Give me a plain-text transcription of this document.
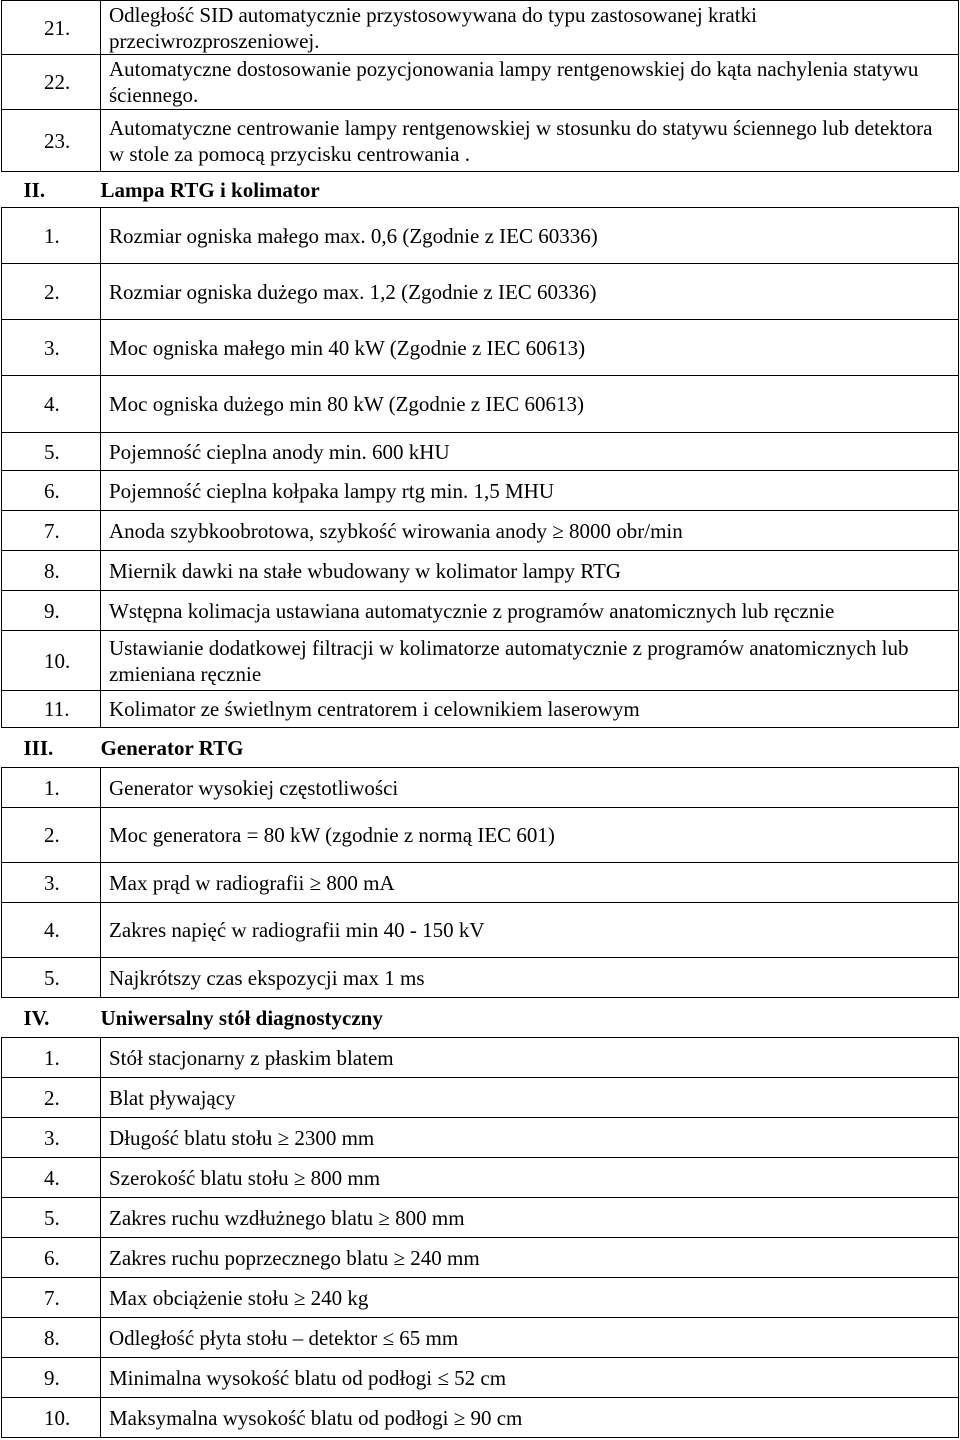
21.	Odległość SID automatycznie przystosowywana do typu zastosowanej kratki przeciwrozproszeniowej.

22.	Automatyczne dostosowanie pozycjonowania lampy rentgenowskiej do kąta nachylenia statywu ściennego.

23.	Automatyczne centrowanie lampy rentgenowskiej w stosunku do statywu ściennego lub detektora w stole za pomocą przycisku centrowania .

II.	Lampa RTG i kolimator

1.	Rozmiar ogniska małego max. 0,6 (Zgodnie z IEC 60336)

2.	Rozmiar ogniska dużego max. 1,2 (Zgodnie z IEC 60336)

3.	Moc ogniska małego min 40 kW (Zgodnie z IEC 60613)

4.	Moc ogniska dużego min 80 kW (Zgodnie z IEC 60613)

5.	Pojemność cieplna anody min. 600 kHU

6.	Pojemność cieplna kołpaka lampy rtg min. 1,5 MHU

7.	Anoda szybkoobrotowa, szybkość wirowania anody ≥ 8000 obr/min

8.	Miernik dawki na stałe wbudowany w kolimator lampy RTG

9.	Wstępna kolimacja ustawiana automatycznie z programów anatomicznych lub ręcznie

10.	Ustawianie dodatkowej filtracji w kolimatorze automatycznie z programów anatomicznych lub zmieniana ręcznie

11.	Kolimator ze świetlnym centratorem i celownikiem laserowym

III.	Generator RTG

1.	Generator wysokiej częstotliwości

2.	Moc generatora = 80 kW (zgodnie z normą IEC 601)

3.	Max prąd w radiografii ≥ 800 mA

4.	Zakres napięć w radiografii min 40 - 150 kV

5.	Najkrótszy czas ekspozycji max 1 ms

IV.	Uniwersalny stół diagnostyczny

1.	Stół stacjonarny z płaskim blatem

2.	Blat pływający

3.	Długość blatu stołu ≥ 2300 mm

4.	Szerokość blatu stołu ≥ 800 mm

5.	Zakres ruchu wzdłużnego blatu ≥ 800 mm

6.	Zakres ruchu poprzecznego blatu ≥ 240 mm

7.	Max obciążenie stołu ≥ 240 kg

8.	Odległość płyta stołu – detektor ≤ 65 mm

9.	Minimalna wysokość blatu od podłogi ≤ 52 cm

10.	Maksymalna wysokość blatu od podłogi ≥ 90 cm
